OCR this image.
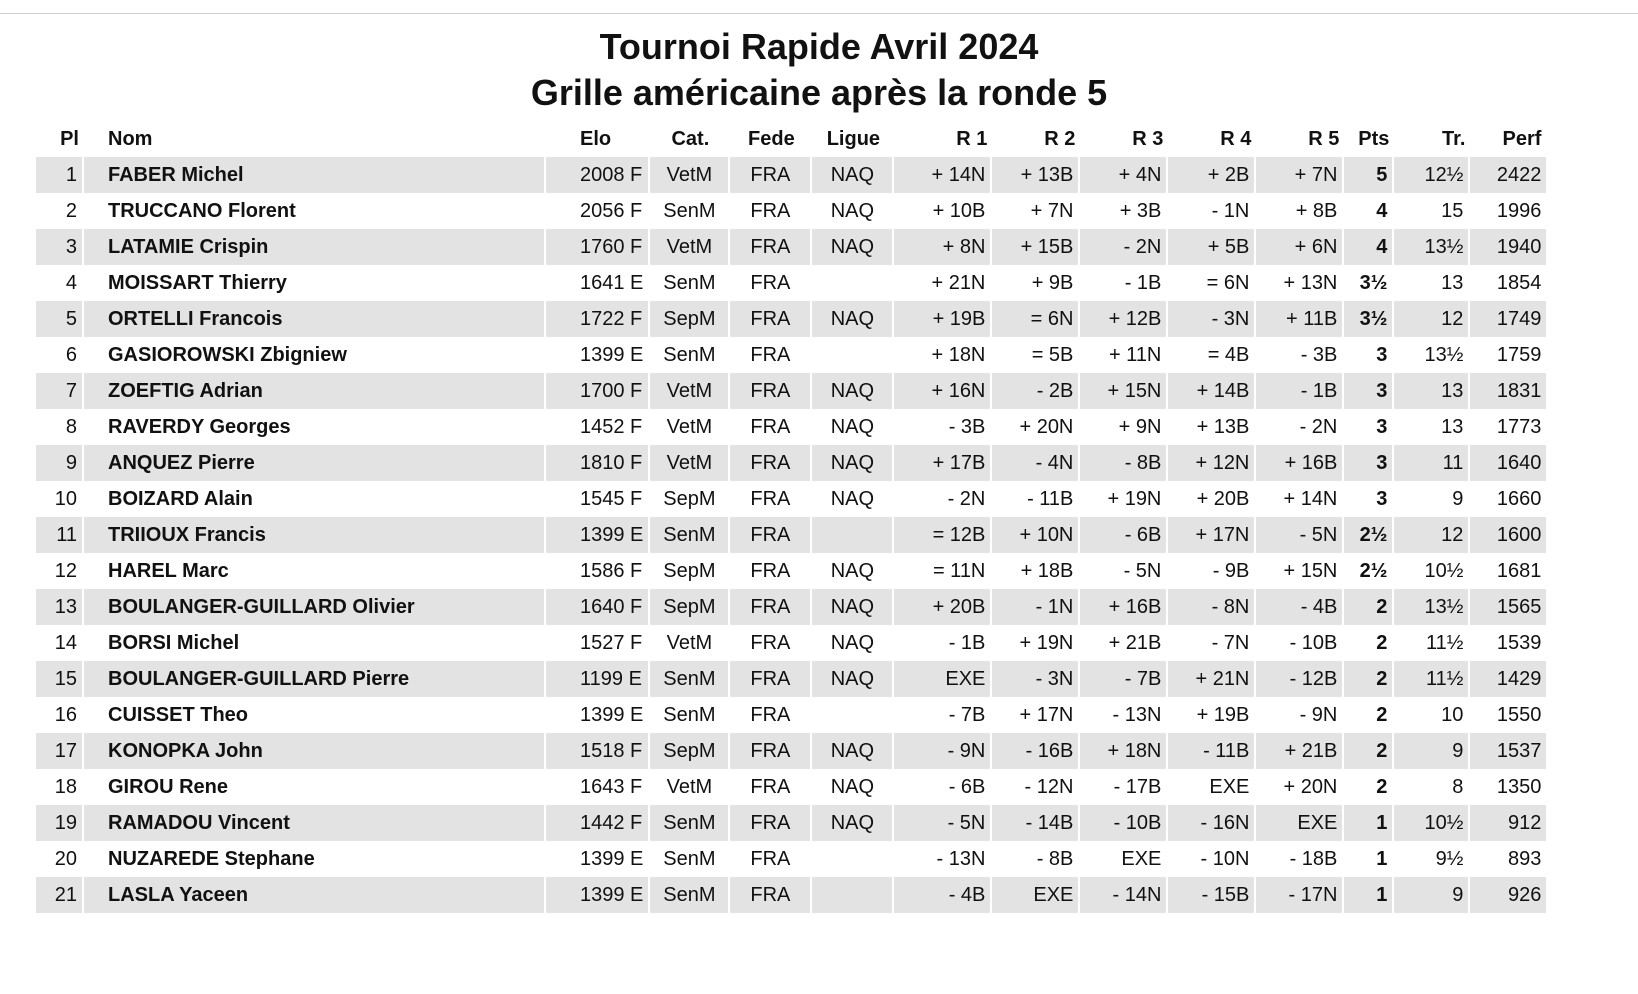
Tournoi Rapide Avril 2024
Grille américaine après la ronde 5
Pl	Nom	Elo	Cat.	Fede	Ligue	R 1	R 2	R 3	R 4	R 5	Pts	Tr.	Perf
1	FABER Michel	2008 F	VetM	FRA	NAQ	+ 14N	+ 13B	+ 4N	+ 2B	+ 7N	5	12½	2422
2	TRUCCANO Florent	2056 F	SenM	FRA	NAQ	+ 10B	+ 7N	+ 3B	- 1N	+ 8B	4	15	1996
3	LATAMIE Crispin	1760 F	VetM	FRA	NAQ	+ 8N	+ 15B	- 2N	+ 5B	+ 6N	4	13½	1940
4	MOISSART Thierry	1641 E	SenM	FRA		+ 21N	+ 9B	- 1B	= 6N	+ 13N	3½	13	1854
5	ORTELLI Francois	1722 F	SepM	FRA	NAQ	+ 19B	= 6N	+ 12B	- 3N	+ 11B	3½	12	1749
6	GASIOROWSKI Zbigniew	1399 E	SenM	FRA		+ 18N	= 5B	+ 11N	= 4B	- 3B	3	13½	1759
7	ZOEFTIG Adrian	1700 F	VetM	FRA	NAQ	+ 16N	- 2B	+ 15N	+ 14B	- 1B	3	13	1831
8	RAVERDY Georges	1452 F	VetM	FRA	NAQ	- 3B	+ 20N	+ 9N	+ 13B	- 2N	3	13	1773
9	ANQUEZ Pierre	1810 F	VetM	FRA	NAQ	+ 17B	- 4N	- 8B	+ 12N	+ 16B	3	11	1640
10	BOIZARD Alain	1545 F	SepM	FRA	NAQ	- 2N	- 11B	+ 19N	+ 20B	+ 14N	3	9	1660
11	TRIIOUX Francis	1399 E	SenM	FRA		= 12B	+ 10N	- 6B	+ 17N	- 5N	2½	12	1600
12	HAREL Marc	1586 F	SepM	FRA	NAQ	= 11N	+ 18B	- 5N	- 9B	+ 15N	2½	10½	1681
13	BOULANGER-GUILLARD Olivier	1640 F	SepM	FRA	NAQ	+ 20B	- 1N	+ 16B	- 8N	- 4B	2	13½	1565
14	BORSI Michel	1527 F	VetM	FRA	NAQ	- 1B	+ 19N	+ 21B	- 7N	- 10B	2	11½	1539
15	BOULANGER-GUILLARD Pierre	1199 E	SenM	FRA	NAQ	EXE	- 3N	- 7B	+ 21N	- 12B	2	11½	1429
16	CUISSET Theo	1399 E	SenM	FRA		- 7B	+ 17N	- 13N	+ 19B	- 9N	2	10	1550
17	KONOPKA John	1518 F	SepM	FRA	NAQ	- 9N	- 16B	+ 18N	- 11B	+ 21B	2	9	1537
18	GIROU Rene	1643 F	VetM	FRA	NAQ	- 6B	- 12N	- 17B	EXE	+ 20N	2	8	1350
19	RAMADOU Vincent	1442 F	SenM	FRA	NAQ	- 5N	- 14B	- 10B	- 16N	EXE	1	10½	912
20	NUZAREDE Stephane	1399 E	SenM	FRA		- 13N	- 8B	EXE	- 10N	- 18B	1	9½	893
21	LASLA Yaceen	1399 E	SenM	FRA		- 4B	EXE	- 14N	- 15B	- 17N	1	9	926
